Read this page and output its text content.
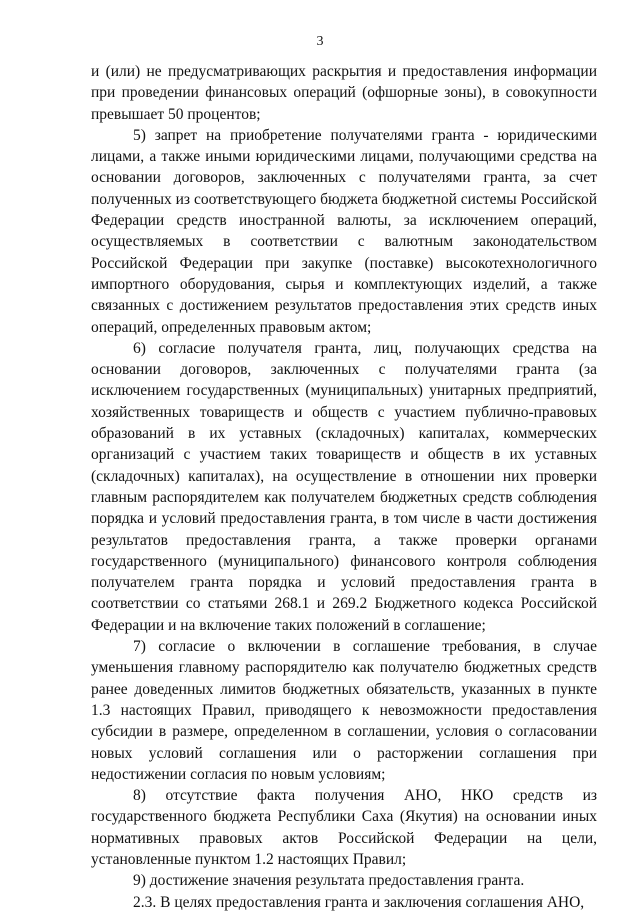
3

и (или) не предусматривающих раскрытия и предоставления информации при проведении финансовых операций (офшорные зоны), в совокупности превышает 50 процентов;

5) запрет на приобретение получателями гранта - юридическими лицами, а также иными юридическими лицами, получающими средства на основании договоров, заключенных с получателями гранта, за счет полученных из соответствующего бюджета бюджетной системы Российской Федерации средств иностранной валюты, за исключением операций, осуществляемых в соответствии с валютным законодательством Российской Федерации при закупке (поставке) высокотехнологичного импортного оборудования, сырья и комплектующих изделий, а также связанных с достижением результатов предоставления этих средств иных операций, определенных правовым актом;

6) согласие получателя гранта, лиц, получающих средства на основании договоров, заключенных с получателями гранта (за исключением государственных (муниципальных) унитарных предприятий, хозяйственных товариществ и обществ с участием публично-правовых образований в их уставных (складочных) капиталах, коммерческих организаций с участием таких товариществ и обществ в их уставных (складочных) капиталах), на осуществление в отношении них проверки главным распорядителем как получателем бюджетных средств соблюдения порядка и условий предоставления гранта, в том числе в части достижения результатов предоставления гранта, а также проверки органами государственного (муниципального) финансового контроля соблюдения получателем гранта порядка и условий предоставления гранта в соответствии со статьями 268.1 и 269.2 Бюджетного кодекса Российской Федерации и на включение таких положений в соглашение;

7) согласие о включении в соглашение требования, в случае уменьшения главному распорядителю как получателю бюджетных средств ранее доведенных лимитов бюджетных обязательств, указанных в пункте 1.3 настоящих Правил, приводящего к невозможности предоставления субсидии в размере, определенном в соглашении, условия о согласовании новых условий соглашения или о расторжении соглашения при недостижении согласия по новым условиям;

8) отсутствие факта получения АНО, НКО средств из государственного бюджета Республики Саха (Якутия) на основании иных нормативных правовых актов Российской Федерации на цели, установленные пунктом 1.2 настоящих Правил;

9) достижение значения результата предоставления гранта.

2.3. В целях предоставления гранта и заключения соглашения АНО,
